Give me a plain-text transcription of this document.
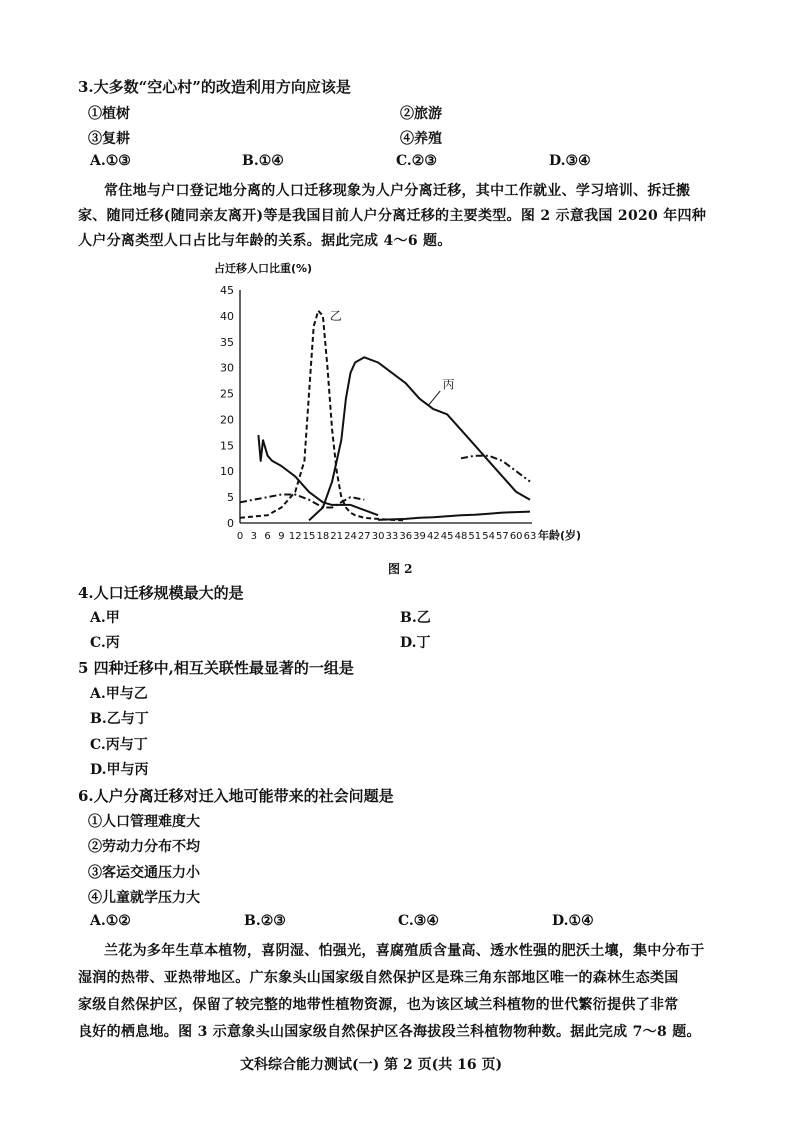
3.大多数“空心村”的改造利用方向应该是
①植树	②旅游
③复耕	④养殖
A.①③	B.①④	C.②③	D.③④
常住地与户口登记地分离的人口迁移现象为人户分离迁移，其中工作就业、学习培训、拆迁搬
家、随同迁移(随同亲友离开)等是我国目前人户分离迁移的主要类型。图 2 示意我国 2020 年四种
人户分离类型人口占比与年龄的关系。据此完成 4～6 题。
占迁移人口比重(%)
0
5
10
15
20
25
30
35
40
45
0 3 6 9 12 15 18 21 24 27 30 33 36 39 42 45 48 51 54 57 60 63
乙
丙
年龄(岁)
图 2
4.人口迁移规模最大的是
A.甲	B.乙
C.丙	D.丁
5 四种迁移中,相互关联性最显著的一组是
A.甲与乙
B.乙与丁
C.丙与丁
D.甲与丙
6.人户分离迁移对迁入地可能带来的社会问题是
①人口管理难度大
②劳动力分布不均
③客运交通压力小
④儿童就学压力大
A.①②	B.②③	C.③④	D.①④
兰花为多年生草本植物，喜阴湿、怕强光，喜腐殖质含量高、透水性强的肥沃土壤，集中分布于
湿润的热带、亚热带地区。广东象头山国家级自然保护区是珠三角东部地区唯一的森林生态类国
家级自然保护区，保留了较完整的地带性植物资源，也为该区域兰科植物的世代繁衍提供了非常
良好的栖息地。图 3 示意象头山国家级自然保护区各海拔段兰科植物物种数。据此完成 7～8 题。
文科综合能力测试(一) 第 2 页(共 16 页)
